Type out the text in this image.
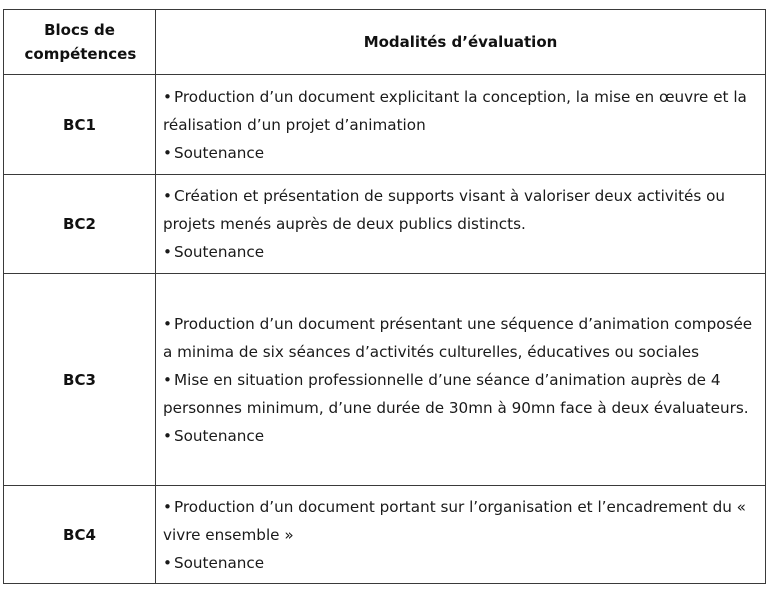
Blocs de compétences	Modalités d’évaluation
BC1	• Production d’un document explicitant la conception, la mise en œuvre et la réalisation d’un projet d’animation
• Soutenance

BC2	• Création et présentation de supports visant à valoriser deux activités ou projets menés auprès de deux publics distincts.
• Soutenance

BC3	• Production d’un document présentant une séquence d’animation composée a minima de six séances d’activités culturelles, éducatives ou sociales
• Mise en situation professionnelle d’une séance d’animation auprès de 4 personnes minimum, d’une durée de 30mn à 90mn face à deux évaluateurs.
• Soutenance

BC4	• Production d’un document portant sur l’organisation et l’encadrement du « vivre ensemble »
• Soutenance
